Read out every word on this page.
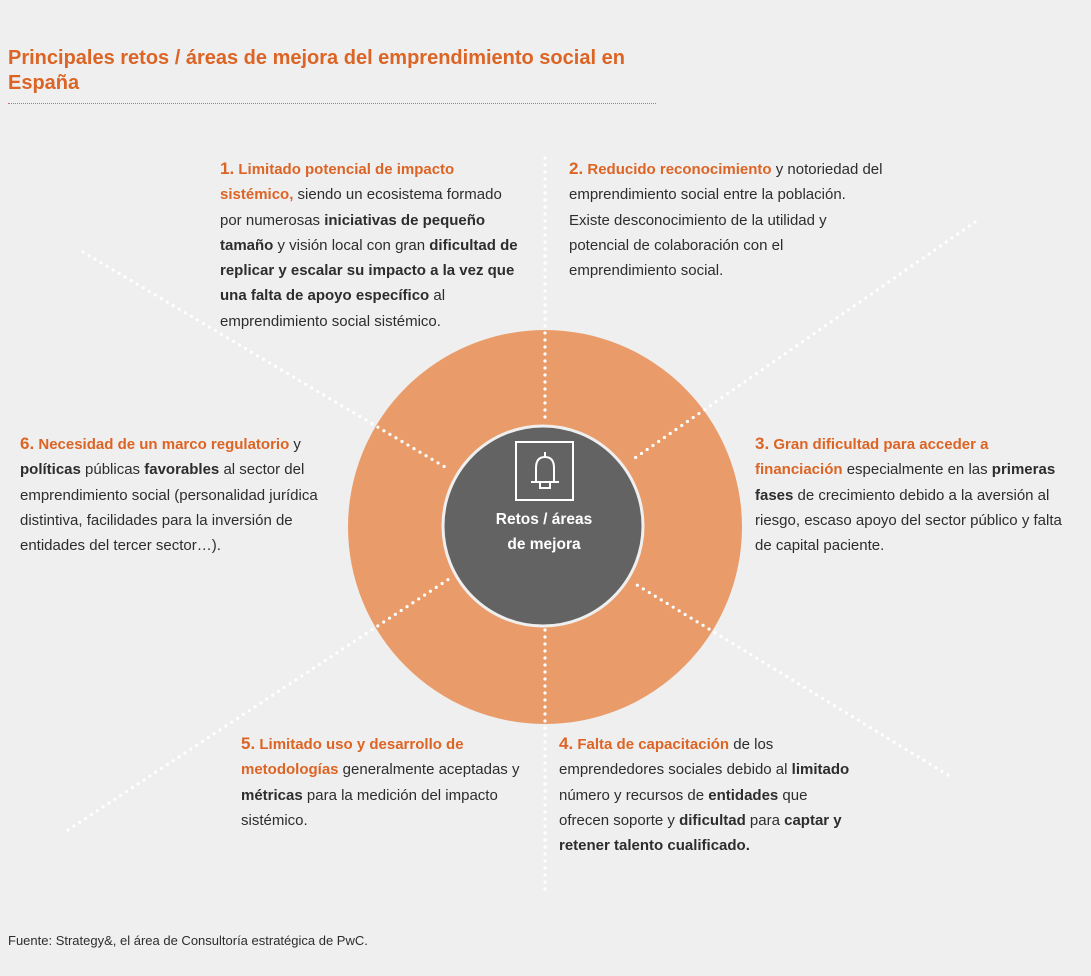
Principales retos / áreas de mejora del emprendimiento social en España
Retos / áreas
de mejora
1. Limitado potencial de impacto sistémico, siendo un ecosistema formado por numerosas iniciativas de pequeño tamaño y visión local con gran dificultad de replicar y escalar su impacto a la vez que una falta de apoyo específico al emprendimiento social sistémico.
2. Reducido reconocimiento y notoriedad del emprendimiento social entre la población. Existe desconocimiento de la utilidad y potencial de colaboración con el emprendimiento social.
3. Gran dificultad para acceder a financiación especialmente en las primeras fases de crecimiento debido a la aversión al riesgo, escaso apoyo del sector público y falta de capital paciente.
4. Falta de capacitación de los emprendedores sociales debido al limitado número y recursos de entidades que ofrecen soporte y dificultad para captar y retener talento cualificado.
5. Limitado uso y desarrollo de metodologías generalmente aceptadas y métricas para la medición del impacto sistémico.
6. Necesidad de un marco regulatorio y políticas públicas favorables al sector del emprendimiento social (personalidad jurídica distintiva, facilidades para la inversión de entidades del tercer sector…).
Fuente: Strategy&, el área de Consultoría estratégica de PwC.
